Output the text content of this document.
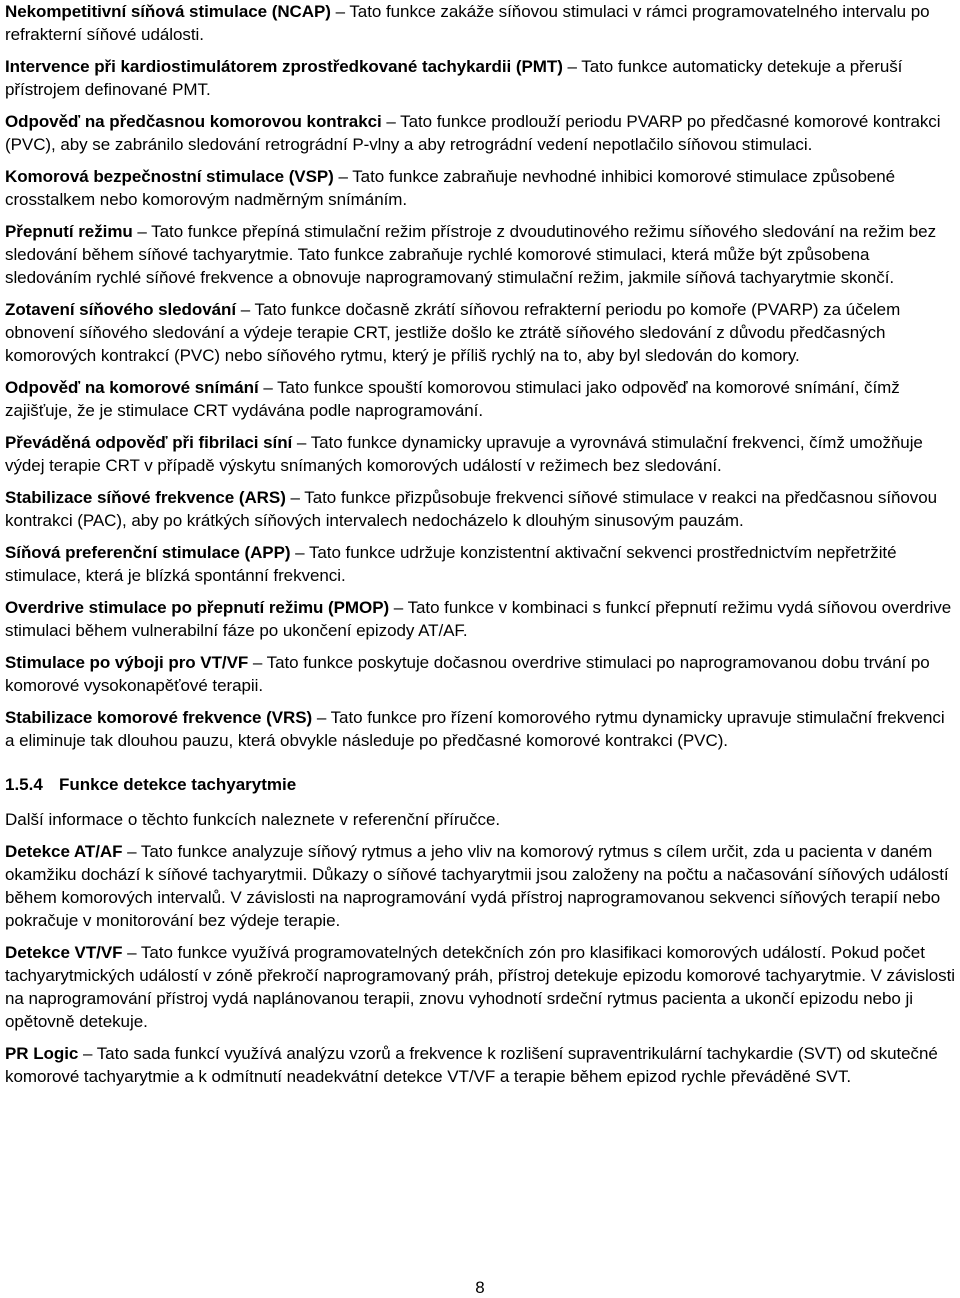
Nekompetitivní síňová stimulace (NCAP) – Tato funkce zakáže síňovou stimulaci v rámci programovatelného intervalu po refrakterní síňové události.

Intervence při kardiostimulátorem zprostředkované tachykardii (PMT) – Tato funkce automaticky detekuje a přeruší přístrojem definované PMT.

Odpověď na předčasnou komorovou kontrakci – Tato funkce prodlouží periodu PVARP po předčasné komorové kontrakci (PVC), aby se zabránilo sledování retrográdní P-vlny a aby retrográdní vedení nepotlačilo síňovou stimulaci.

Komorová bezpečnostní stimulace (VSP) – Tato funkce zabraňuje nevhodné inhibici komorové stimulace způsobené crosstalkem nebo komorovým nadměrným snímáním.

Přepnutí režimu – Tato funkce přepíná stimulační režim přístroje z dvoudutinového režimu síňového sledování na režim bez sledování během síňové tachyarytmie. Tato funkce zabraňuje rychlé komorové stimulaci, která může být způsobena sledováním rychlé síňové frekvence a obnovuje naprogramovaný stimulační režim, jakmile síňová tachyarytmie skončí.

Zotavení síňového sledování – Tato funkce dočasně zkrátí síňovou refrakterní periodu po komoře (PVARP) za účelem obnovení síňového sledování a výdeje terapie CRT, jestliže došlo ke ztrátě síňového sledování z důvodu předčasných komorových kontrakcí (PVC) nebo síňového rytmu, který je příliš rychlý na to, aby byl sledován do komory.

Odpověď na komorové snímání – Tato funkce spouští komorovou stimulaci jako odpověď na komorové snímání, čímž zajišťuje, že je stimulace CRT vydávána podle naprogramování.

Převáděná odpověď při fibrilaci síní – Tato funkce dynamicky upravuje a vyrovnává stimulační frekvenci, čímž umožňuje výdej terapie CRT v případě výskytu snímaných komorových událostí v režimech bez sledování.

Stabilizace síňové frekvence (ARS) – Tato funkce přizpůsobuje frekvenci síňové stimulace v reakci na předčasnou síňovou kontrakci (PAC), aby po krátkých síňových intervalech nedocházelo k dlouhým sinusovým pauzám.

Síňová preferenční stimulace (APP) – Tato funkce udržuje konzistentní aktivační sekvenci prostřednictvím nepřetržité stimulace, která je blízká spontánní frekvenci.

Overdrive stimulace po přepnutí režimu (PMOP) – Tato funkce v kombinaci s funkcí přepnutí režimu vydá síňovou overdrive stimulaci během vulnerabilní fáze po ukončení epizody AT/AF.

Stimulace po výboji pro VT/VF – Tato funkce poskytuje dočasnou overdrive stimulaci po naprogramovanou dobu trvání po komorové vysokonapěťové terapii.

Stabilizace komorové frekvence (VRS) – Tato funkce pro řízení komorového rytmu dynamicky upravuje stimulační frekvenci a eliminuje tak dlouhou pauzu, která obvykle následuje po předčasné komorové kontrakci (PVC).

1.5.4 Funkce detekce tachyarytmie

Další informace o těchto funkcích naleznete v referenční příručce.

Detekce AT/AF – Tato funkce analyzuje síňový rytmus a jeho vliv na komorový rytmus s cílem určit, zda u pacienta v daném okamžiku dochází k síňové tachyarytmii. Důkazy o síňové tachyarytmii jsou založeny na počtu a načasování síňových událostí během komorových intervalů. V závislosti na naprogramování vydá přístroj naprogramovanou sekvenci síňových terapií nebo pokračuje v monitorování bez výdeje terapie.

Detekce VT/VF – Tato funkce využívá programovatelných detekčních zón pro klasifikaci komorových událostí. Pokud počet tachyarytmických událostí v zóně překročí naprogramovaný práh, přístroj detekuje epizodu komorové tachyarytmie. V závislosti na naprogramování přístroj vydá naplánovanou terapii, znovu vyhodnotí srdeční rytmus pacienta a ukončí epizodu nebo ji opětovně detekuje.

PR Logic – Tato sada funkcí využívá analýzu vzorů a frekvence k rozlišení supraventrikulární tachykardie (SVT) od skutečné komorové tachyarytmie a k odmítnutí neadekvátní detekce VT/VF a terapie během epizod rychle převáděné SVT.

8
